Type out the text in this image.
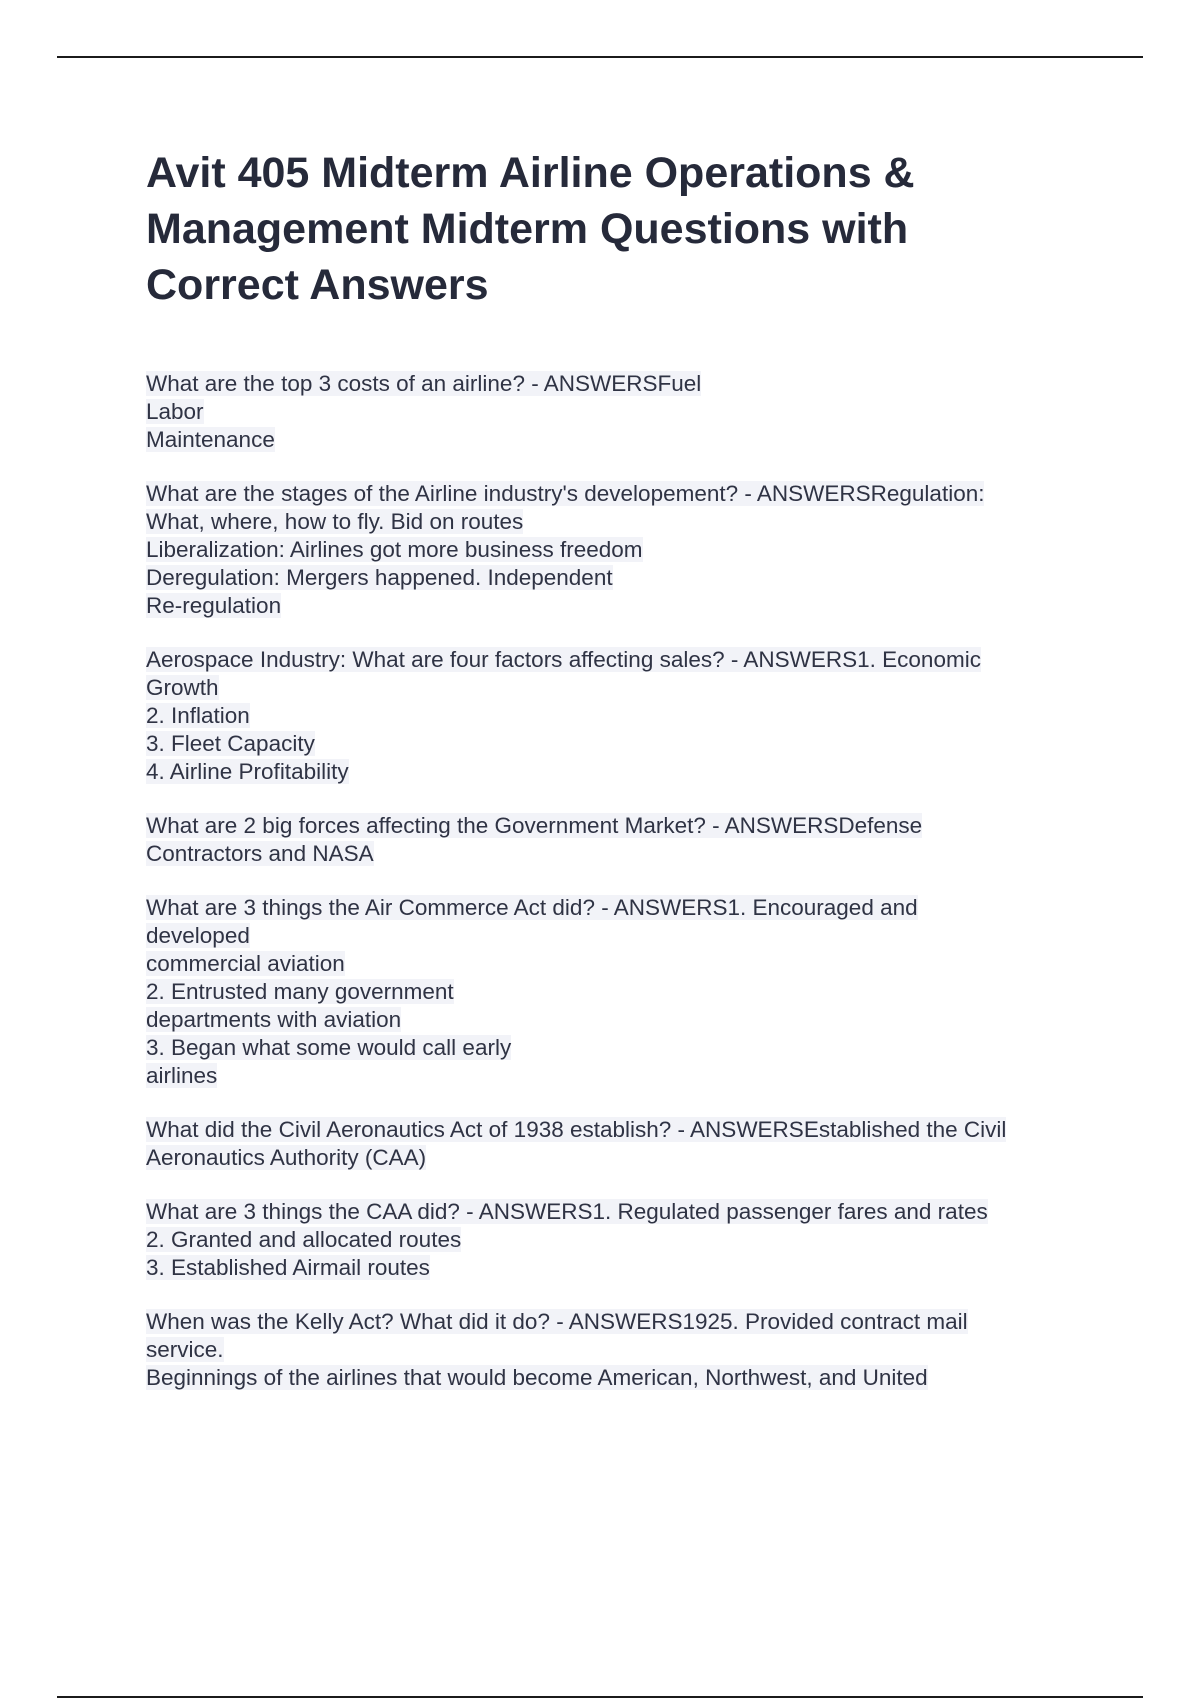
Avit 405 Midterm Airline Operations &
Management Midterm Questions with
Correct Answers
What are the top 3 costs of an airline? - ANSWERSFuel
Labor
Maintenance
What are the stages of the Airline industry's developement? - ANSWERSRegulation:
What, where, how to fly. Bid on routes
Liberalization: Airlines got more business freedom
Deregulation: Mergers happened. Independent
Re-regulation
Aerospace Industry: What are four factors affecting sales? - ANSWERS1. Economic
Growth
2. Inflation
3. Fleet Capacity
4. Airline Profitability
What are 2 big forces affecting the Government Market? - ANSWERSDefense
Contractors and NASA
What are 3 things the Air Commerce Act did? - ANSWERS1. Encouraged and
developed
commercial aviation
2. Entrusted many government
departments with aviation
3. Began what some would call early
airlines
What did the Civil Aeronautics Act of 1938 establish? - ANSWERSEstablished the Civil
Aeronautics Authority (CAA)
What are 3 things the CAA did? - ANSWERS1. Regulated passenger fares and rates
2. Granted and allocated routes
3. Established Airmail routes
When was the Kelly Act? What did it do? - ANSWERS1925. Provided contract mail
service.
Beginnings of the airlines that would become American, Northwest, and United
